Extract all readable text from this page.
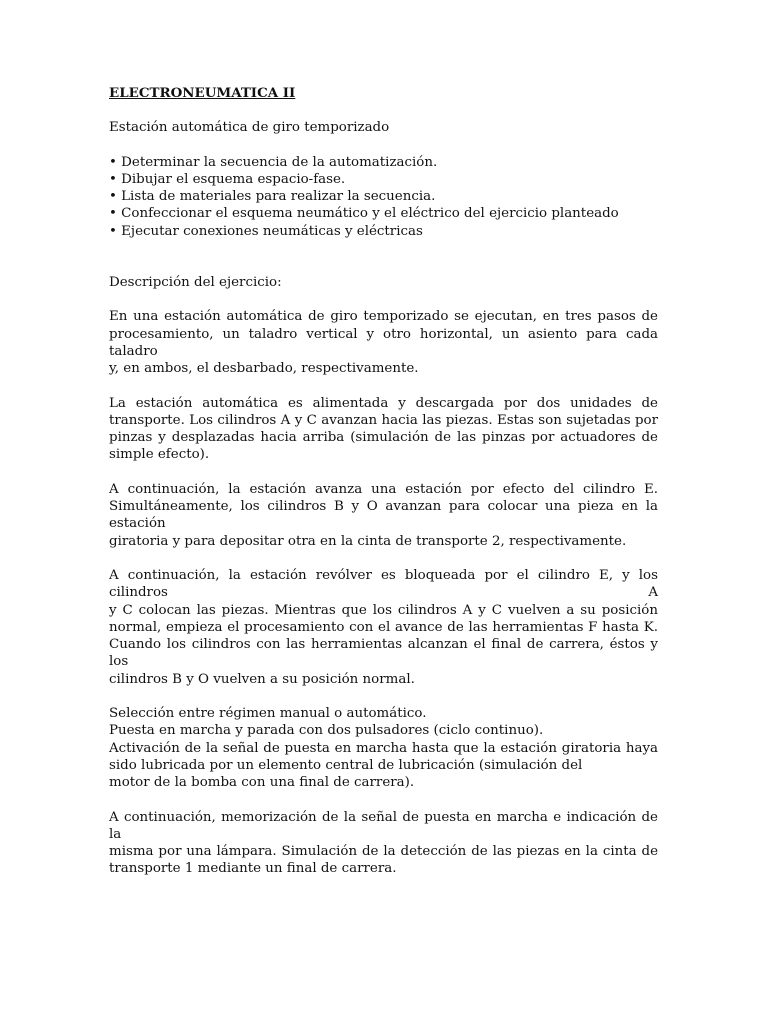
ELECTRONEUMATICA II
Estación automática de giro temporizado
• Determinar la secuencia de la automatización.
• Dibujar el esquema espacio-fase.
• Lista de materiales para realizar la secuencia.
• Confeccionar el esquema neumático y el eléctrico del ejercicio planteado
• Ejecutar conexiones neumáticas y eléctricas
Descripción del ejercicio:

En una estación automática de giro temporizado se ejecutan, en tres pasos de
procesamiento, un taladro vertical y otro horizontal, un asiento para cada taladro
y, en ambos, el desbarbado, respectivamente.

La estación automática es alimentada y descargada por dos unidades de
transporte. Los cilindros A y C avanzan hacia las piezas. Estas son sujetadas por
pinzas y desplazadas hacia arriba (simulación de las pinzas por actuadores de
simple efecto).

A continuación, la estación avanza una estación por efecto del cilindro E.
Simultáneamente, los cilindros B y O avanzan para colocar una pieza en la estación
giratoria y para depositar otra en la cinta de transporte 2, respectivamente.

A continuación, la estación revólver es bloqueada por el cilindro E, y los cilindros A
y C colocan las piezas. Mientras que los cilindros A y C vuelven a su posición
normal, empieza el procesamiento con el avance de las herramientas F hasta K.
Cuando los cilindros con las herramientas alcanzan el final de carrera, éstos y los
cilindros B y O vuelven a su posición normal.

Selección entre régimen manual o automático.
Puesta en marcha y parada con dos pulsadores (ciclo continuo).
Activación de la señal de puesta en marcha hasta que la estación giratoria haya
sido lubricada por un elemento central de lubricación (simulación del
motor de la bomba con una final de carrera).

A continuación, memorización de la señal de puesta en marcha e indicación de la
misma por una lámpara. Simulación de la detección de las piezas en la cinta de
transporte 1 mediante un final de carrera.
